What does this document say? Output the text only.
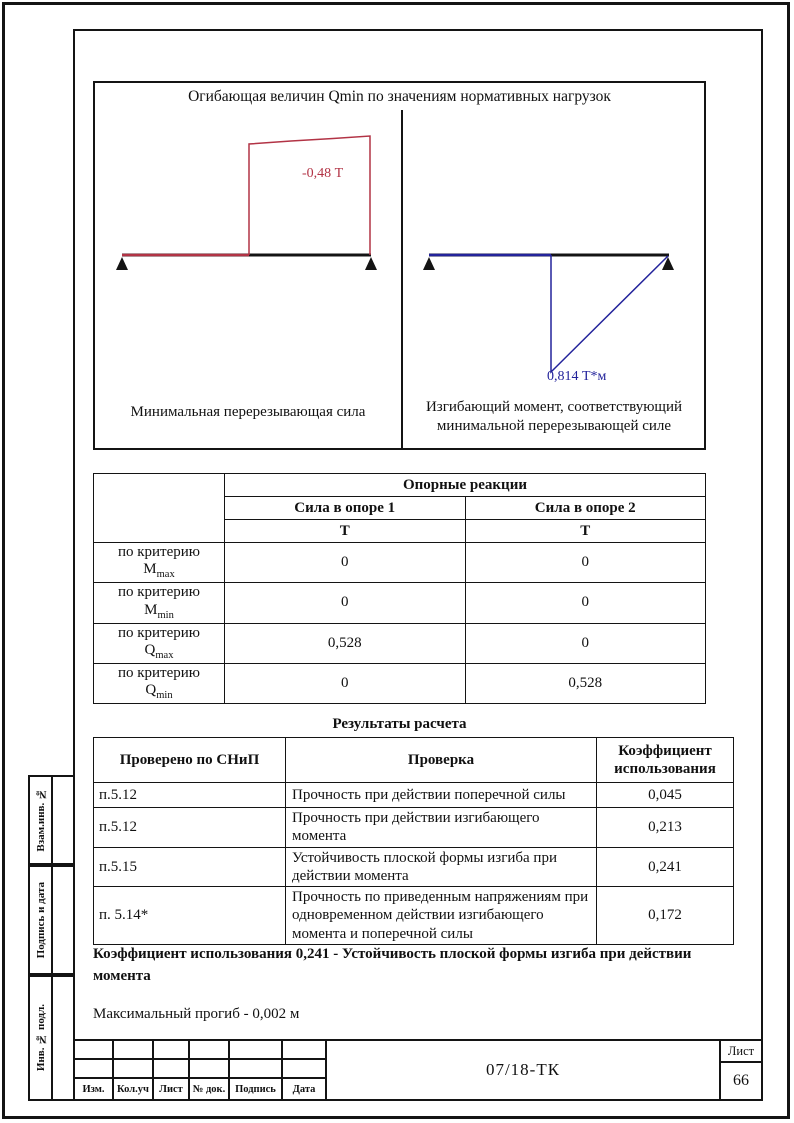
Взам.инв. №
Подпись и дата
Инв. № подл.
Огибающая величин Qmin по значениям нормативных нагрузок
-0,48 Т
Минимальная перерезывающая сила
0,814 Т*м
Изгибающий момент, соответствующий минимальной перерезывающей силе
	Опорные реакции	
	Сила в опоре 1	Сила в опоре 2
	Т	Т

по критерию
$M_{max}$	0	0

по критерию
$M_{min}$	0	0

по критерию
$Q_{max}$	0,528	0

по критерию
$Q_{min}$	0	0,528
Результаты расчета
Проверено по СНиП	Проверка	Коэффициент использования
п.5.12	Прочность при действии поперечной силы	0,045
п.5.12	Прочность при действии изгибающего момента	0,213
п.5.15	Устойчивость плоской формы изгиба при действии момента	0,241
п. 5.14*	Прочность по приведенным напряжениям при одновременном действии изгибающего момента и поперечной силы	0,172
Коэффициент использования 0,241 - Устойчивость плоской формы изгиба при действии момента
Максимальный прогиб - 0,002 м
Изм.	Кол.уч Лист № док. Подпись	Дата
07/18-ТК
Лист
66
